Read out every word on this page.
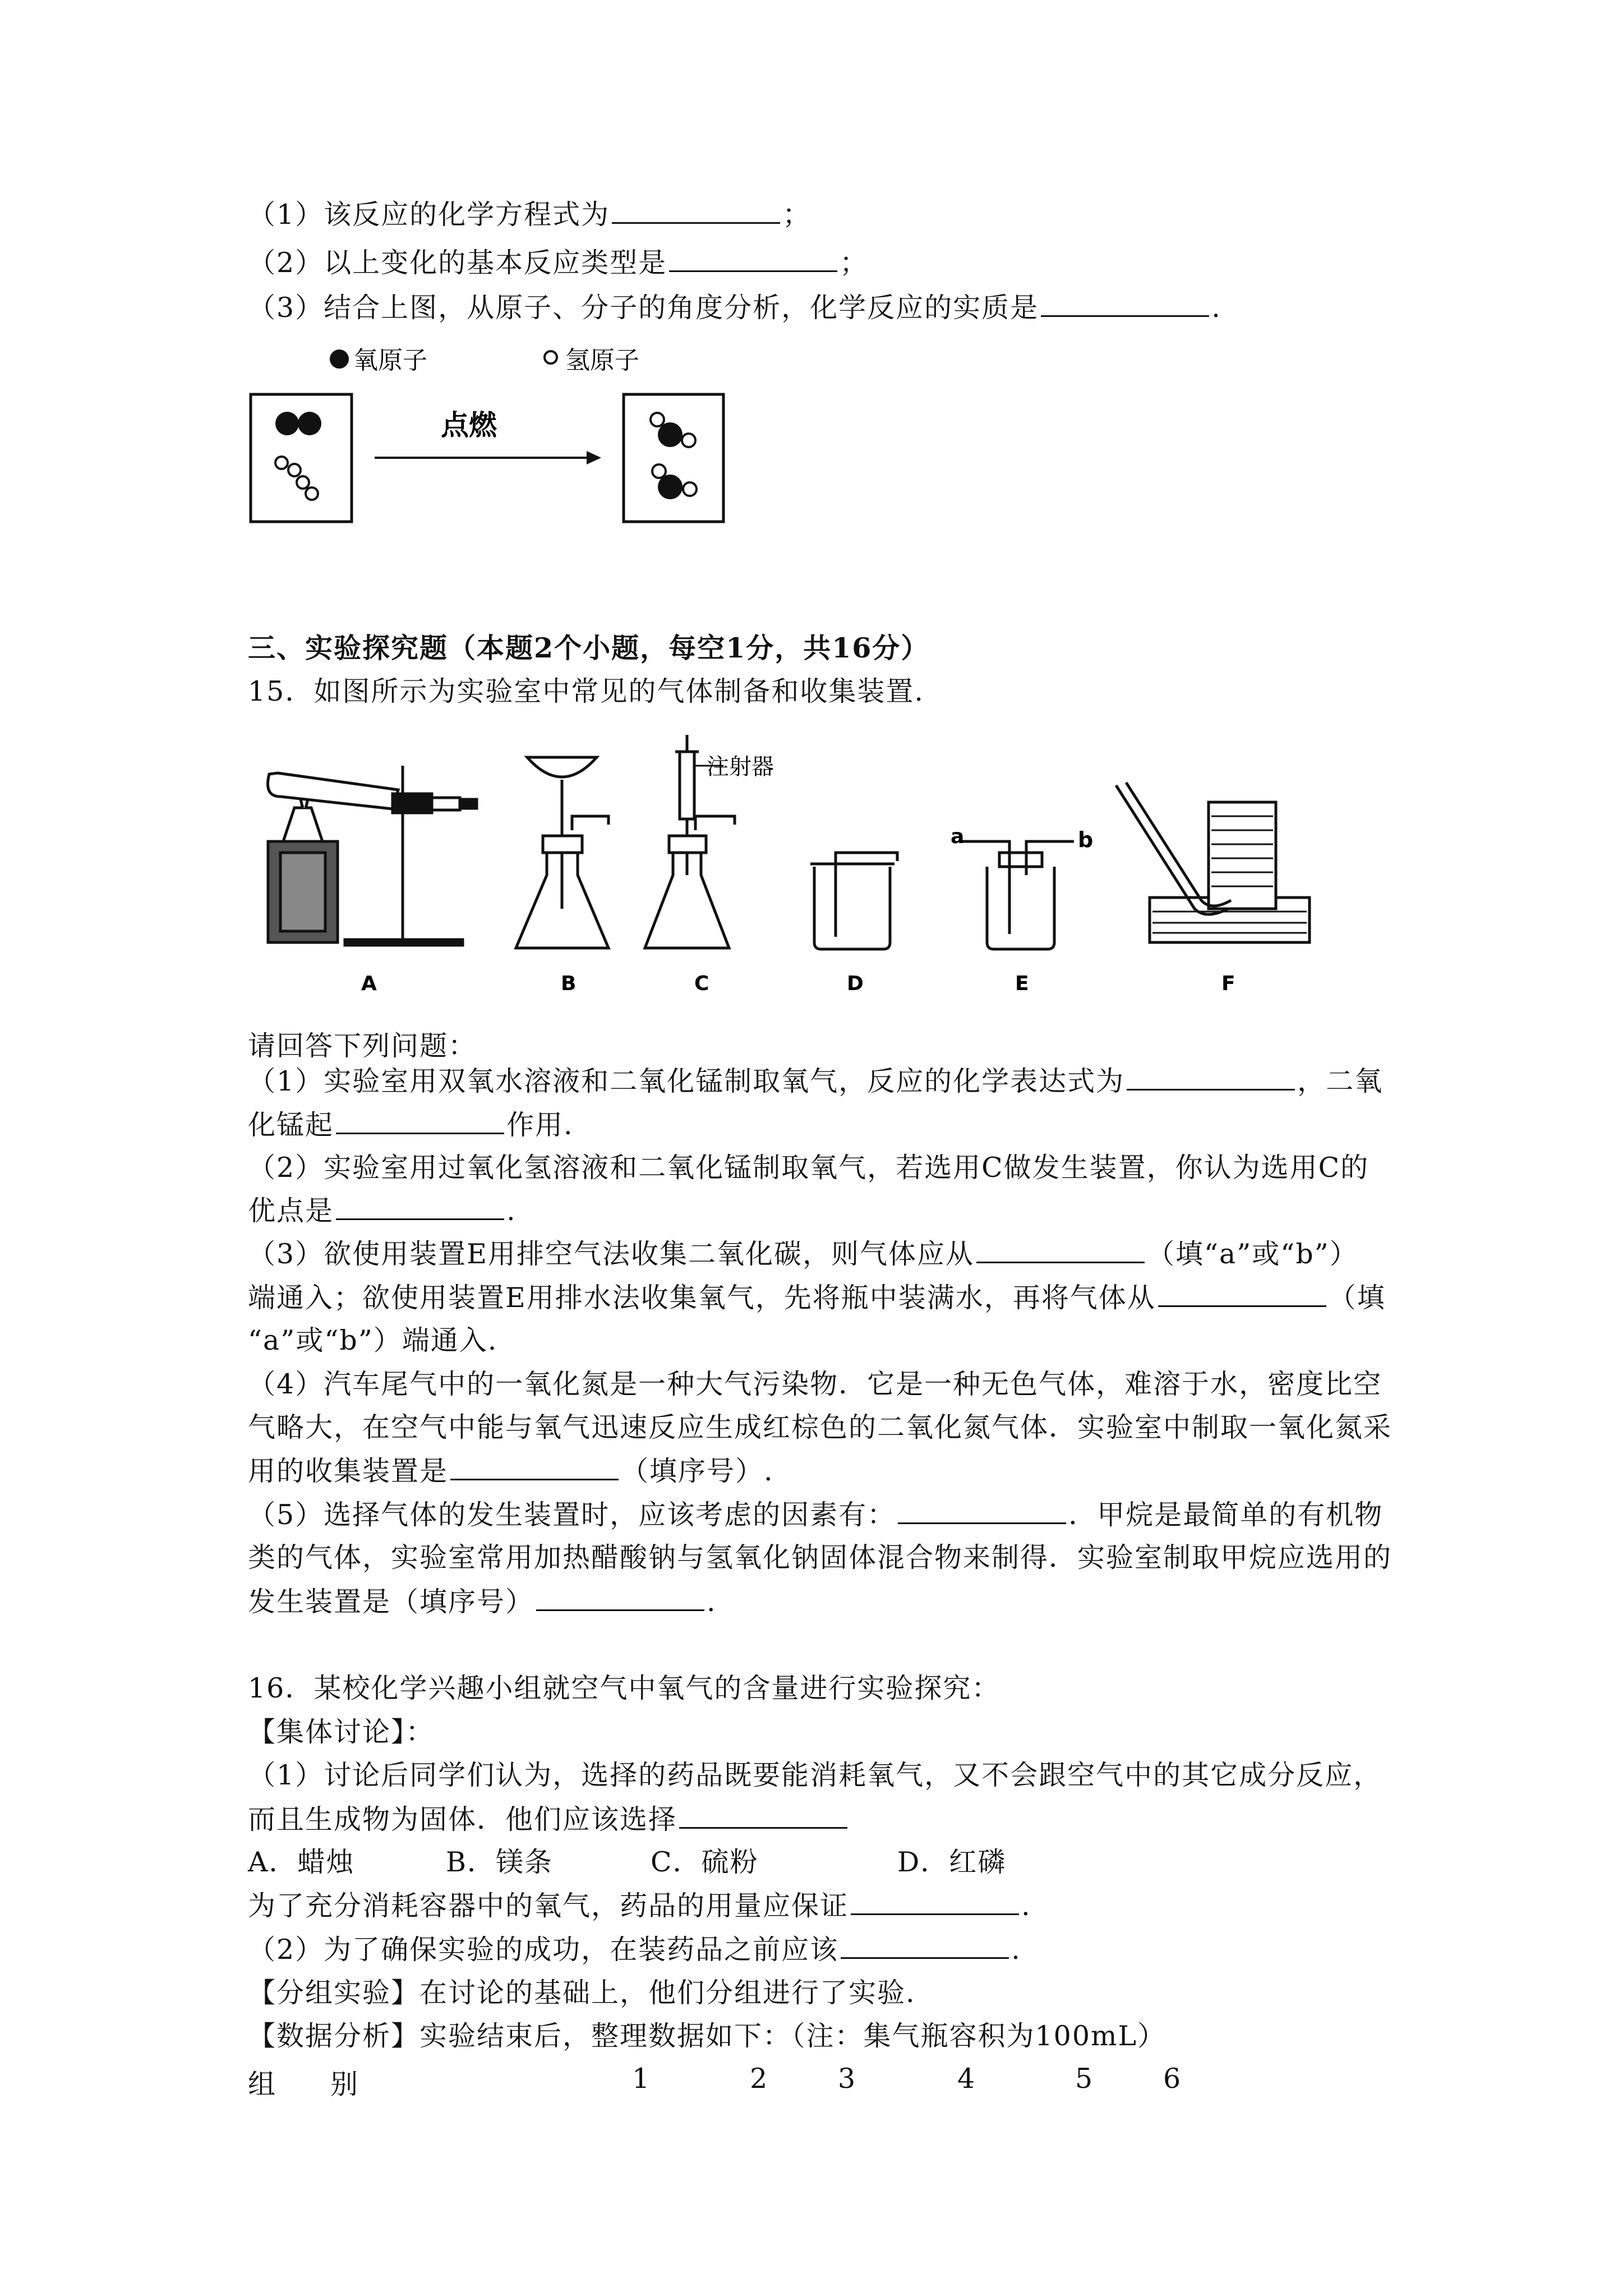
（1）该反应的化学方程式为	；
（2）以上变化的基本反应类型是	；
（3）结合上图，从原子、分子的角度分析，化学反应的实质是	.
氧原子	氢原子
点燃
三、实验探究题（本题2个小题，每空1分，共16分）
15．如图所示为实验室中常见的气体制备和收集装置.
注射器
a	b
A	B	C	D	E	F
请回答下列问题：
（1）实验室用双氧水溶液和二氧化锰制取氧气，反应的化学表达式为	，二氧
化锰起	作用.
（2）实验室用过氧化氢溶液和二氧化锰制取氧气，若选用C做发生装置，你认为选用C的
优点是	.
（3）欲使用装置E用排空气法收集二氧化碳，则气体应从	（填“a”或“b”）
端通入；欲使用装置E用排水法收集氧气，先将瓶中装满水，再将气体从	（填
“a”或“b”）端通入.
（4）汽车尾气中的一氧化氮是一种大气污染物．它是一种无色气体，难溶于水，密度比空
气略大，在空气中能与氧气迅速反应生成红棕色的二氧化氮气体．实验室中制取一氧化氮采
用的收集装置是	（填序号）.
（5）选择气体的发生装置时，应该考虑的因素有：	．甲烷是最简单的有机物
类的气体，实验室常用加热醋酸钠与氢氧化钠固体混合物来制得．实验室制取甲烷应选用的
发生装置是（填序号）	.
16．某校化学兴趣小组就空气中氧气的含量进行实验探究：
【集体讨论】：
（1）讨论后同学们认为，选择的药品既要能消耗氧气，又不会跟空气中的其它成分反应，
而且生成物为固体．他们应该选择
A．蜡烛	B．镁条	C．硫粉	D．红磷
为了充分消耗容器中的氧气，药品的用量应保证	.
（2）为了确保实验的成功，在装药品之前应该	.
【分组实验】在讨论的基础上，他们分组进行了实验.
【数据分析】实验结束后，整理数据如下：（注：集气瓶容积为100mL）
组　　别	1	2	3	4	5	6
